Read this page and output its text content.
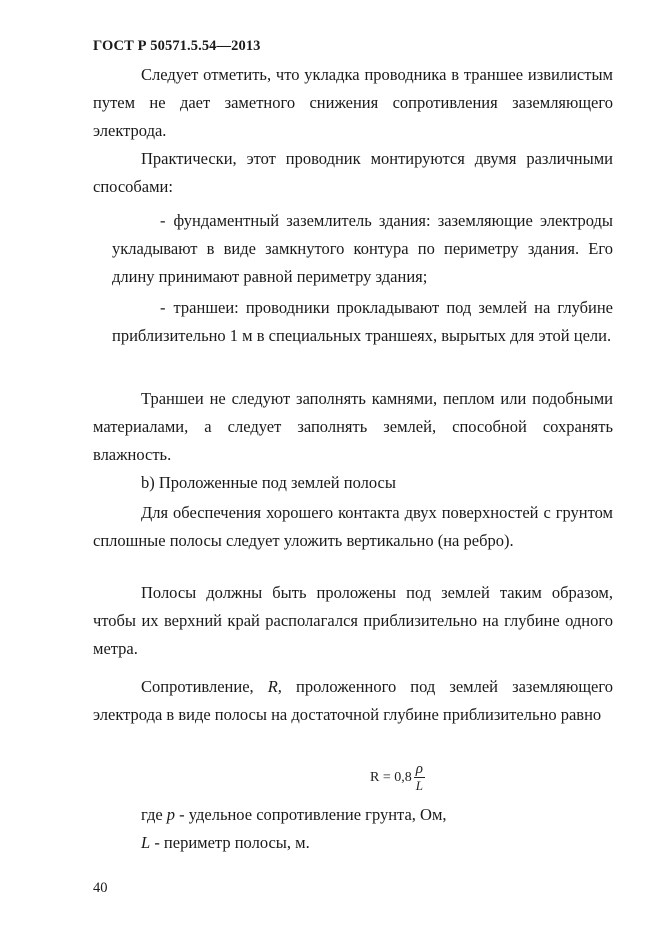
ГОСТ Р 50571.5.54—2013
Следует отметить, что укладка проводника в траншее извилистым путем не дает заметного снижения сопротивления заземляющего электрода.
Практически, этот проводник монтируются двумя различными способами:
- фундаментный заземлитель здания: заземляющие электроды укладывают в виде замкнутого контура по периметру здания. Его длину принимают равной периметру здания;
- траншеи: проводники прокладывают под землей на глубине приблизительно 1 м в специальных траншеях, вырытых для этой цели.
Траншеи не следуют заполнять камнями, пеплом или подобными материалами, а следует заполнять землей, способной сохранять влажность.
b) Проложенные под землей полосы
Для обеспечения хорошего контакта двух поверхностей с грунтом сплошные полосы следует уложить вертикально (на ребро).
Полосы должны быть проложены под землей таким образом, чтобы их верхний край располагался приблизительно на глубине одного метра.
Сопротивление, R, проложенного под землей заземляющего электрода в виде полосы на достаточной глубине приблизительно равно
$R = 0,8 \frac{\rho}{L}$
где p - удельное сопротивление грунта, Ом,
L - периметр полосы, м.
40
